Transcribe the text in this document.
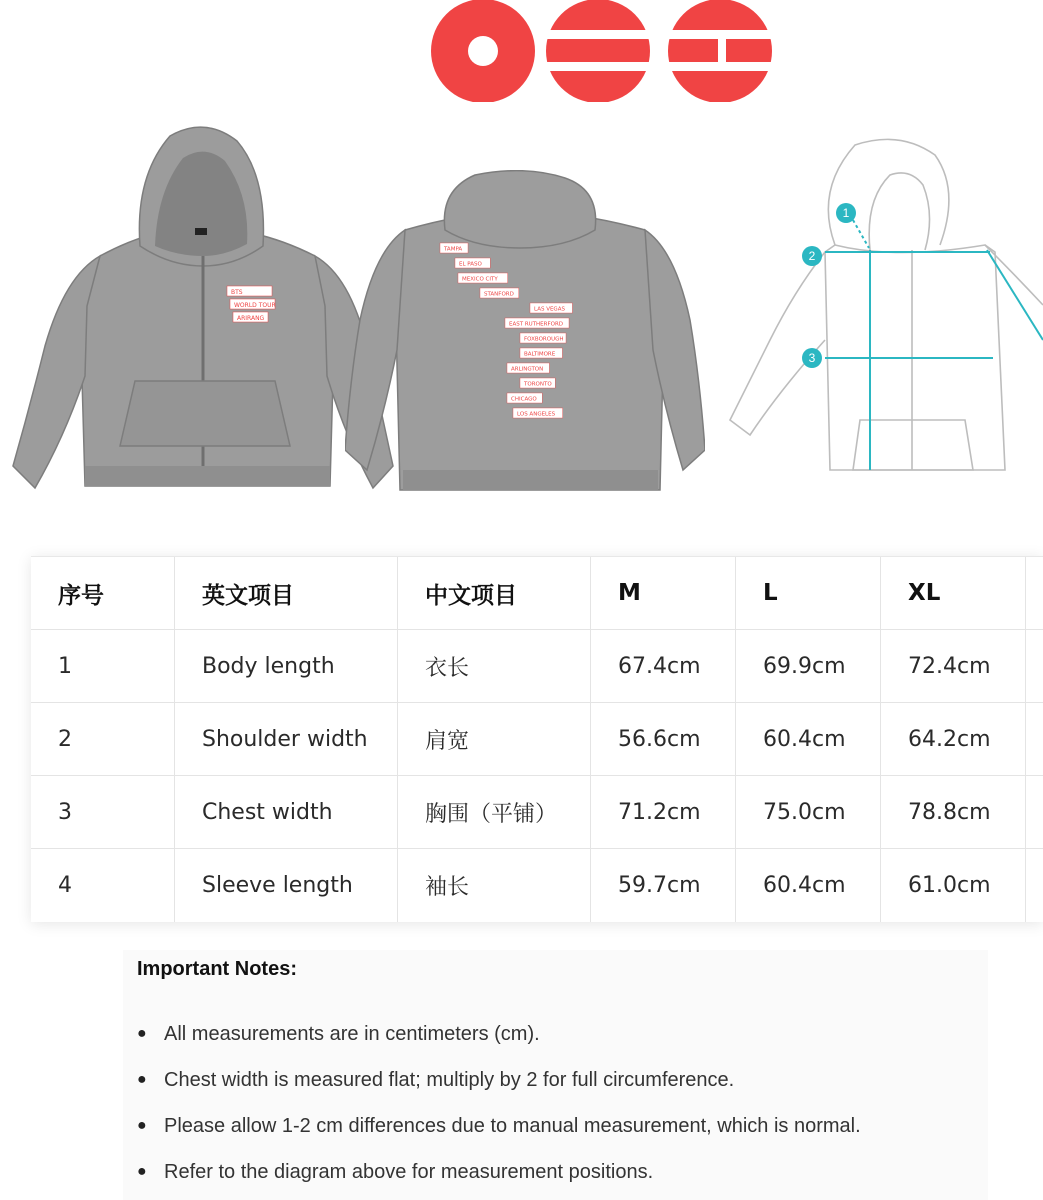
BTS
WORLD TOUR
ARIRANG
TAMPA
EL PASO
MEXICO CITY
STANFORD
LAS VEGAS
EAST RUTHERFORD
FOXBOROUGH
BALTIMORE
ARLINGTON
TORONTO
CHICAGO
LOS ANGELES
1
2
3
序号	英文项目	中文项目	M	L	XL
1	Body length	衣长	67.4cm	69.9cm	72.4cm
2	Shoulder width	肩宽	56.6cm	60.4cm	64.2cm
3	Chest width	胸围（平铺）	71.2cm	75.0cm	78.8cm
4	Sleeve length	袖长	59.7cm	60.4cm	61.0cm
Important Notes:
● All measurements are in centimeters (cm).
● Chest width is measured flat; multiply by 2 for full circumference.
● Please allow 1-2 cm differences due to manual measurement, which is normal.
● Refer to the diagram above for measurement positions.
